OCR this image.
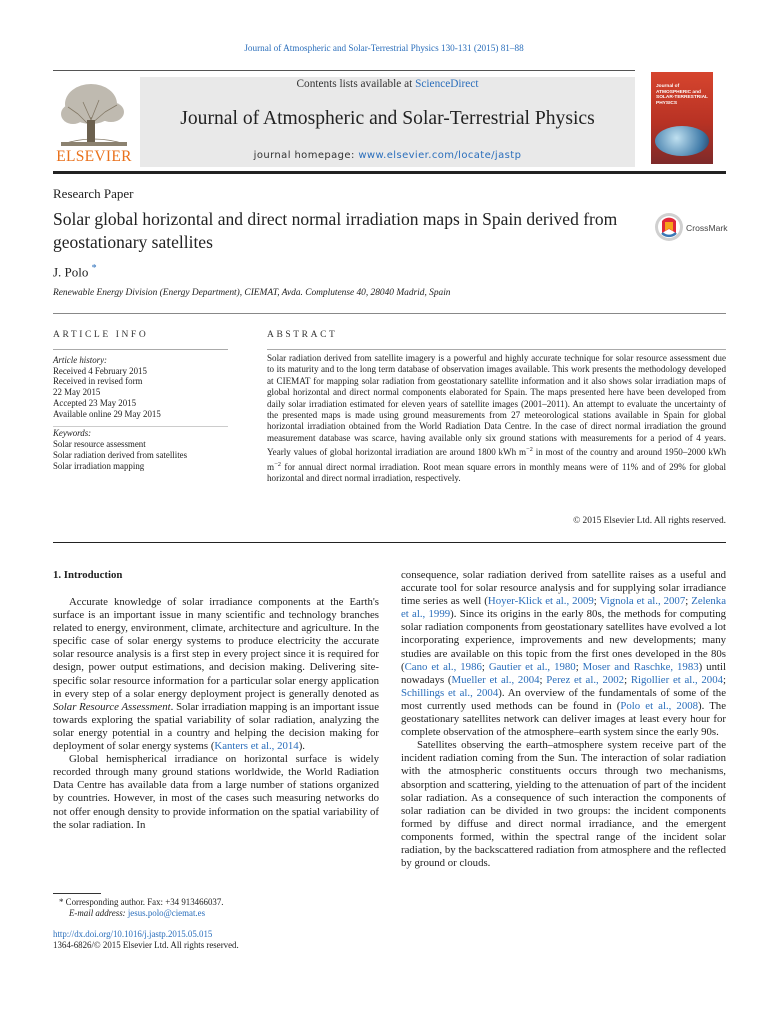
Journal of Atmospheric and Solar-Terrestrial Physics 130-131 (2015) 81–88
ELSEVIER
Contents lists available at ScienceDirect
Journal of Atmospheric and Solar-Terrestrial Physics
journal homepage: www.elsevier.com/locate/jastp
Journal of
ATMOSPHERIC and
SOLAR-TERRESTRIAL
PHYSICS
Research Paper
Solar global horizontal and direct normal irradiation maps in Spain derived from geostationary satellites
CrossMark
J. Polo *
Renewable Energy Division (Energy Department), CIEMAT, Avda. Complutense 40, 28040 Madrid, Spain
ARTICLE INFO	ABSTRACT
Article history:
Received 4 February 2015
Received in revised form
22 May 2015
Accepted 23 May 2015
Available online 29 May 2015
Keywords:
Solar resource assessment
Solar radiation derived from satellites
Solar irradiation mapping
Solar radiation derived from satellite imagery is a powerful and highly accurate technique for solar resource assessment due to its maturity and to the long term database of observation images available. This work presents the methodology developed at CIEMAT for mapping solar radiation from geostationary satellite information and it also shows solar irradiation maps of global horizontal and direct normal components elaborated for Spain. The maps presented here have been developed from daily solar irradiation estimated for eleven years of satellite images (2001–2011). An attempt to evaluate the uncertainty of the presented maps is made using ground measurements from 27 meteorological stations available in Spain for global horizontal irradiation obtained from the World Radiation Data Centre. In the case of direct normal irradiation the ground measurement database was scarce, having available only six ground stations with measurements for a period of 4 years. Yearly values of global horizontal irradiation are around 1800 kWh $m^{-2}$ in most of the country and around 1950–2000 kWh $m^{-2}$ for annual direct normal irradiation. Root mean square errors in monthly means were of 11% and of 29% for global horizontal and direct normal irradiation, respectively.
© 2015 Elsevier Ltd. All rights reserved.
1. Introduction

Accurate knowledge of solar irradiance components at the Earth's surface is an important issue in many scientific and technology branches related to energy, environment, climate, architecture and agriculture. In the specific case of solar energy systems to produce electricity the accurate solar resource analysis is a first step in every project since it is required for design, power output estimations, and decision making. Delivering site-specific solar resource information for a particular solar energy application in every step of a solar energy deployment project is generally denoted as Solar Resource Assessment. Solar irradiation mapping is an important issue towards exploring the spatial variability of solar radiation, analyzing the solar energy potential in a country and helping the decision making for deployment of solar energy systems (Kanters et al., 2014).

Global hemispherical irradiance on horizontal surface is widely recorded through many ground stations worldwide, the World Radiation Data Centre has available data from a large number of stations organized by countries. However, in most of the cases such measuring networks do not offer enough density to provide information on the spatial variability of the solar radiation. In

consequence, solar radiation derived from satellite raises as a useful and accurate tool for solar resource analysis and for supplying solar irradiance time series as well (Hoyer-Klick et al., 2009; Vignola et al., 2007; Zelenka et al., 1999). Since its origins in the early 80s, the methods for computing solar radiation components from geostationary satellites have evolved a lot incorporating experience, improvements and new developments; many studies are available on this topic from the first ones developed in the 80s (Cano et al., 1986; Gautier et al., 1980; Moser and Raschke, 1983) until nowadays (Mueller et al., 2004; Perez et al., 2002; Rigollier et al., 2004; Schillings et al., 2004). An overview of the fundamentals of some of the most currently used methods can be found in (Polo et al., 2008). The geostationary satellites network can deliver images at least every hour for complete observation of the atmosphere–earth system since the early 90s.

Satellites observing the earth–atmosphere system receive part of the incident radiation coming from the Sun. The interaction of solar radiation with the atmospheric constituents occurs through two mechanisms, absorption and scattering, yielding to the attenuation of part of the incident solar radiation. As a consequence of such interaction the components of solar radiation can be divided in two groups: the incident components formed by diffuse and direct normal irradiance, and the emergent components formed, within the spectral range of the incident solar radiation, by the backscattered radiation from atmosphere and the reflected by ground or clouds.

* Corresponding author. Fax: +34 913466037.
E-mail address: jesus.polo@ciemat.es
http://dx.doi.org/10.1016/j.jastp.2015.05.015
1364-6826/© 2015 Elsevier Ltd. All rights reserved.
